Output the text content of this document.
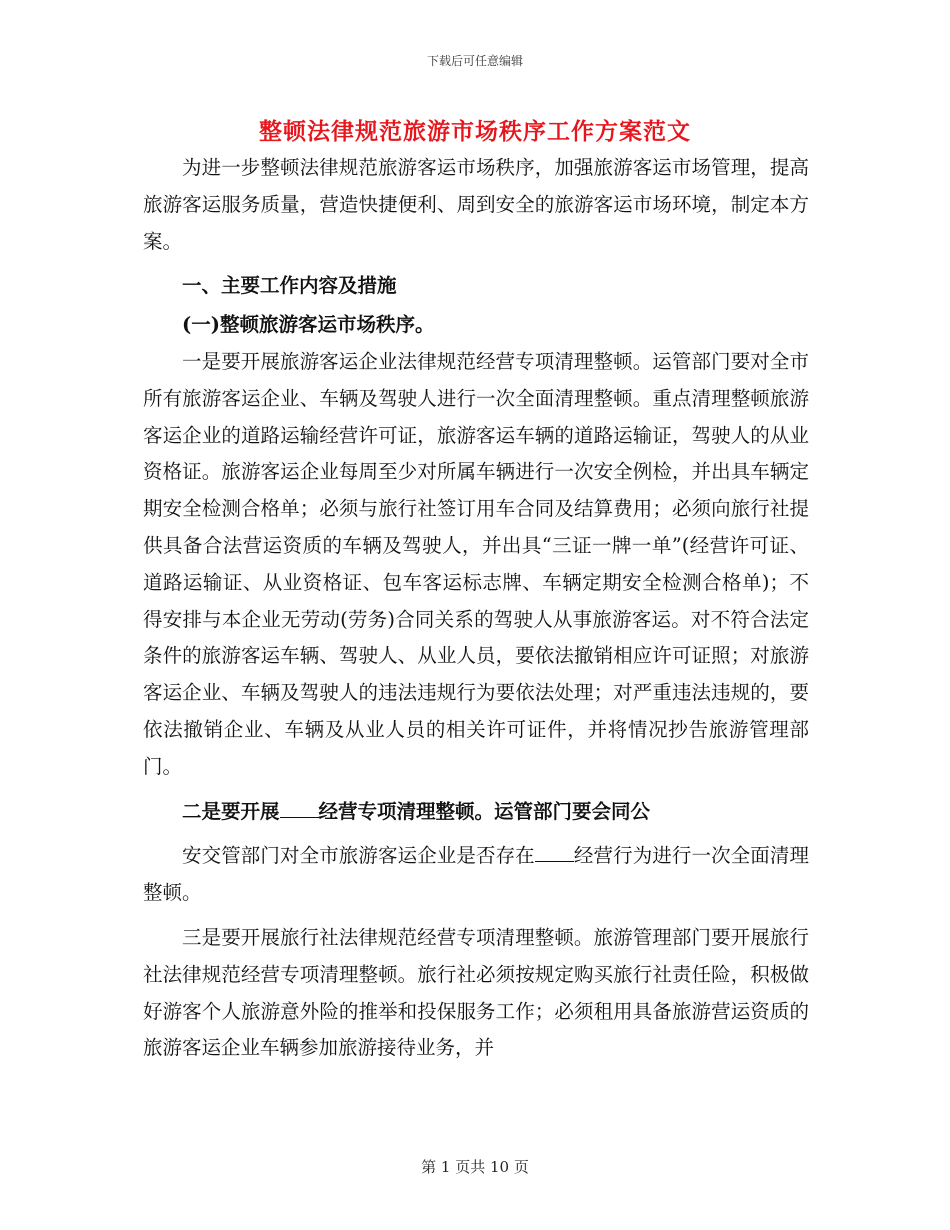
下载后可任意编辑
整顿法律规范旅游市场秩序工作方案范文

为进一步整顿法律规范旅游客运市场秩序，加强旅游客运市场管理，提高旅游客运服务质量，营造快捷便利、周到安全的旅游客运市场环境，制定本方案。

一、主要工作内容及措施

(一)整顿旅游客运市场秩序。

一是要开展旅游客运企业法律规范经营专项清理整顿。运管部门要对全市所有旅游客运企业、车辆及驾驶人进行一次全面清理整顿。重点清理整顿旅游客运企业的道路运输经营许可证，旅游客运车辆的道路运输证，驾驶人的从业资格证。旅游客运企业每周至少对所属车辆进行一次安全例检，并出具车辆定期安全检测合格单；必须与旅行社签订用车合同及结算费用；必须向旅行社提供具备合法营运资质的车辆及驾驶人，并出具“三证一牌一单”(经营许可证、道路运输证、从业资格证、包车客运标志牌、车辆定期安全检测合格单)；不得安排与本企业无劳动(劳务)合同关系的驾驶人从事旅游客运。对不符合法定条件的旅游客运车辆、驾驶人、从业人员，要依法撤销相应许可证照；对旅游客运企业、车辆及驾驶人的违法违规行为要依法处理；对严重违法违规的，要依法撤销企业、车辆及从业人员的相关许可证件，并将情况抄告旅游管理部门。

二是要开展 经营专项清理整顿。运管部门要会同公

安交管部门对全市旅游客运企业是否存在 经营行为进行一次全面清理整顿。

三是要开展旅行社法律规范经营专项清理整顿。旅游管理部门要开展旅行社法律规范经营专项清理整顿。旅行社必须按规定购买旅行社责任险，积极做好游客个人旅游意外险的推举和投保服务工作；必须租用具备旅游营运资质的旅游客运企业车辆参加旅游接待业务，并

第 1 页共 10 页
